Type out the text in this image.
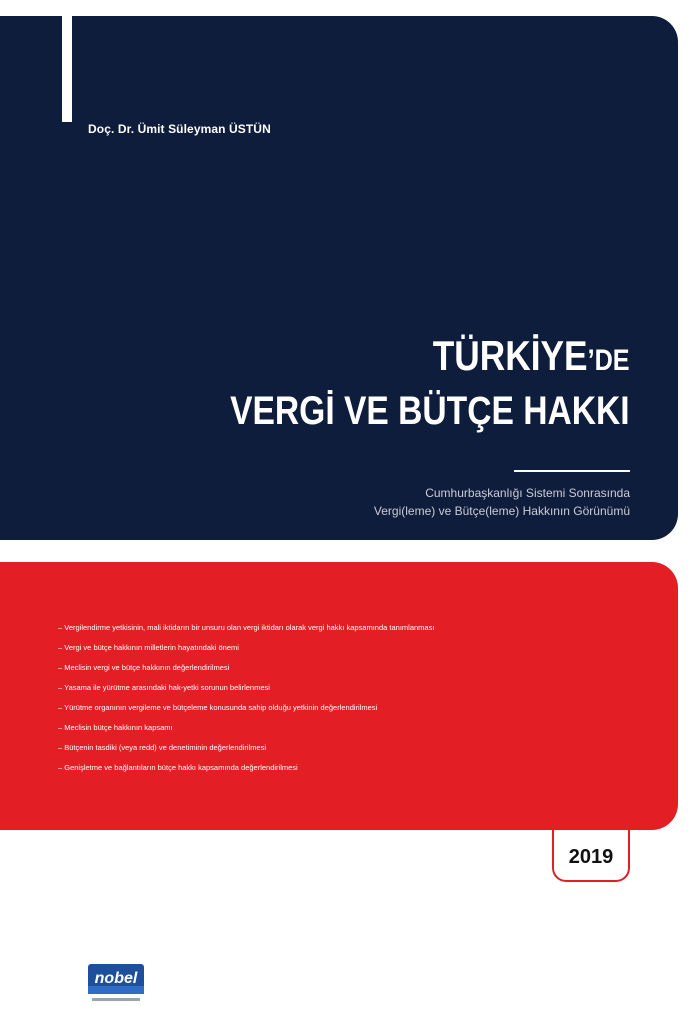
Doç. Dr. Ümit Süleyman ÜSTÜN
TÜRKİYE’DE
VERGİ VE BÜTÇE HAKKI
Cumhurbaşkanlığı Sistemi Sonrasında
Vergi(leme) ve Bütçe(leme) Hakkının Görünümü
– Vergilendirme yetkisinin, mali iktidarın bir unsuru olan vergi iktidarı olarak vergi hakkı kapsamında tanımlanması
– Vergi ve bütçe hakkının milletlerin hayatındaki önemi
– Meclisin vergi ve bütçe hakkının değerlendirilmesi
– Yasama ile yürütme arasındaki hak-yetki sorunun belirlenmesi
– Yürütme organının vergileme ve bütçeleme konusunda sahip olduğu yetkinin değerlendirilmesi
– Meclisin bütçe hakkının kapsamı
– Bütçenin tasdiki (veya redd) ve denetiminin değerlendirilmesi
– Genişletme ve bağlantıların bütçe hakkı kapsamında değerlendirilmesi
2019
nobel
